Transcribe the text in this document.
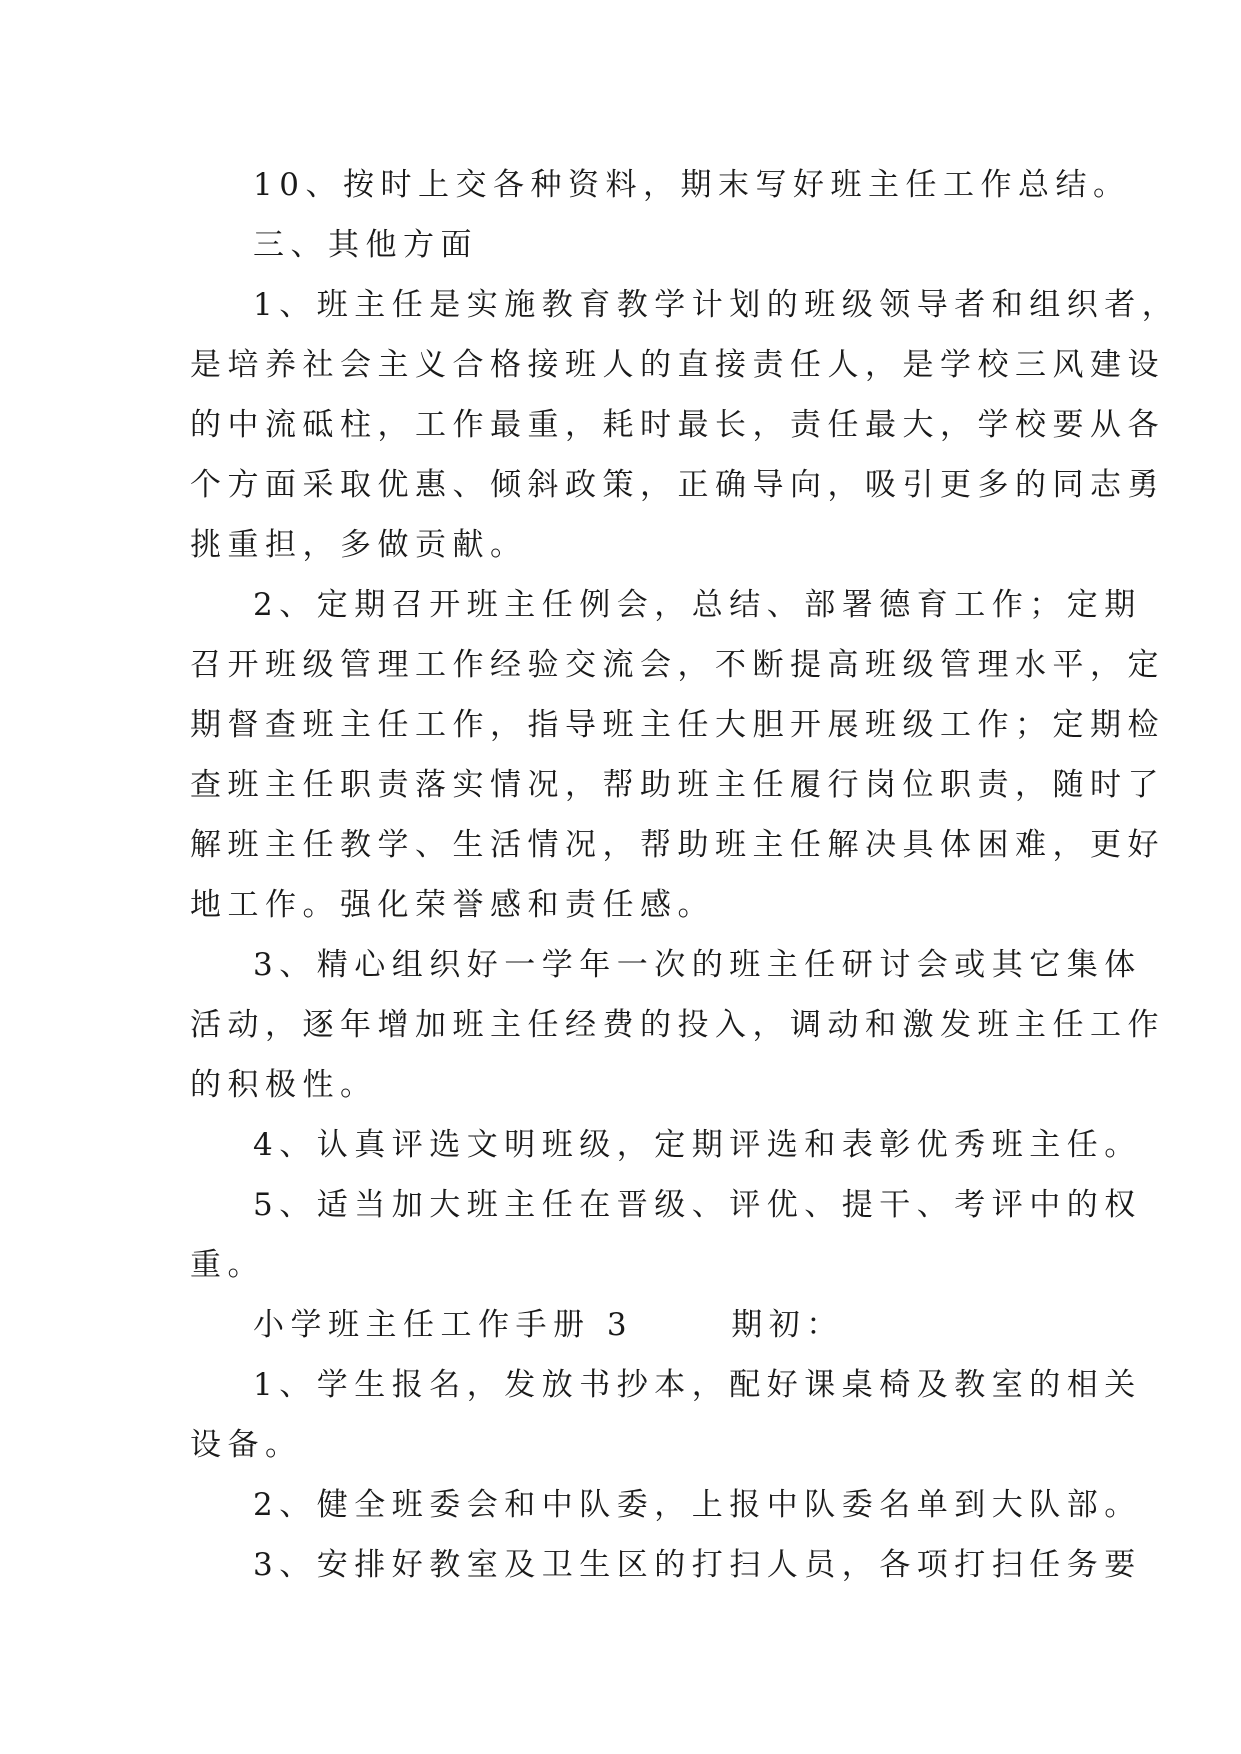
10、按时上交各种资料，期末写好班主任工作总结。
三、其他方面
1、班主任是实施教育教学计划的班级领导者和组织者，
是培养社会主义合格接班人的直接责任人，是学校三风建设
的中流砥柱，工作最重，耗时最长，责任最大，学校要从各
个方面采取优惠、倾斜政策，正确导向，吸引更多的同志勇
挑重担，多做贡献。
2、定期召开班主任例会，总结、部署德育工作；定期
召开班级管理工作经验交流会，不断提高班级管理水平，定
期督查班主任工作，指导班主任大胆开展班级工作；定期检
查班主任职责落实情况，帮助班主任履行岗位职责，随时了
解班主任教学、生活情况，帮助班主任解决具体困难，更好
地工作。强化荣誉感和责任感。
3、精心组织好一学年一次的班主任研讨会或其它集体
活动，逐年增加班主任经费的投入，调动和激发班主任工作
的积极性。
4、认真评选文明班级，定期评选和表彰优秀班主任。
5、适当加大班主任在晋级、评优、提干、考评中的权
重。
小学班主任工作手册 3      期初：
1、学生报名，发放书抄本，配好课桌椅及教室的相关
设备。
2、健全班委会和中队委，上报中队委名单到大队部。
3、安排好教室及卫生区的打扫人员，各项打扫任务要
